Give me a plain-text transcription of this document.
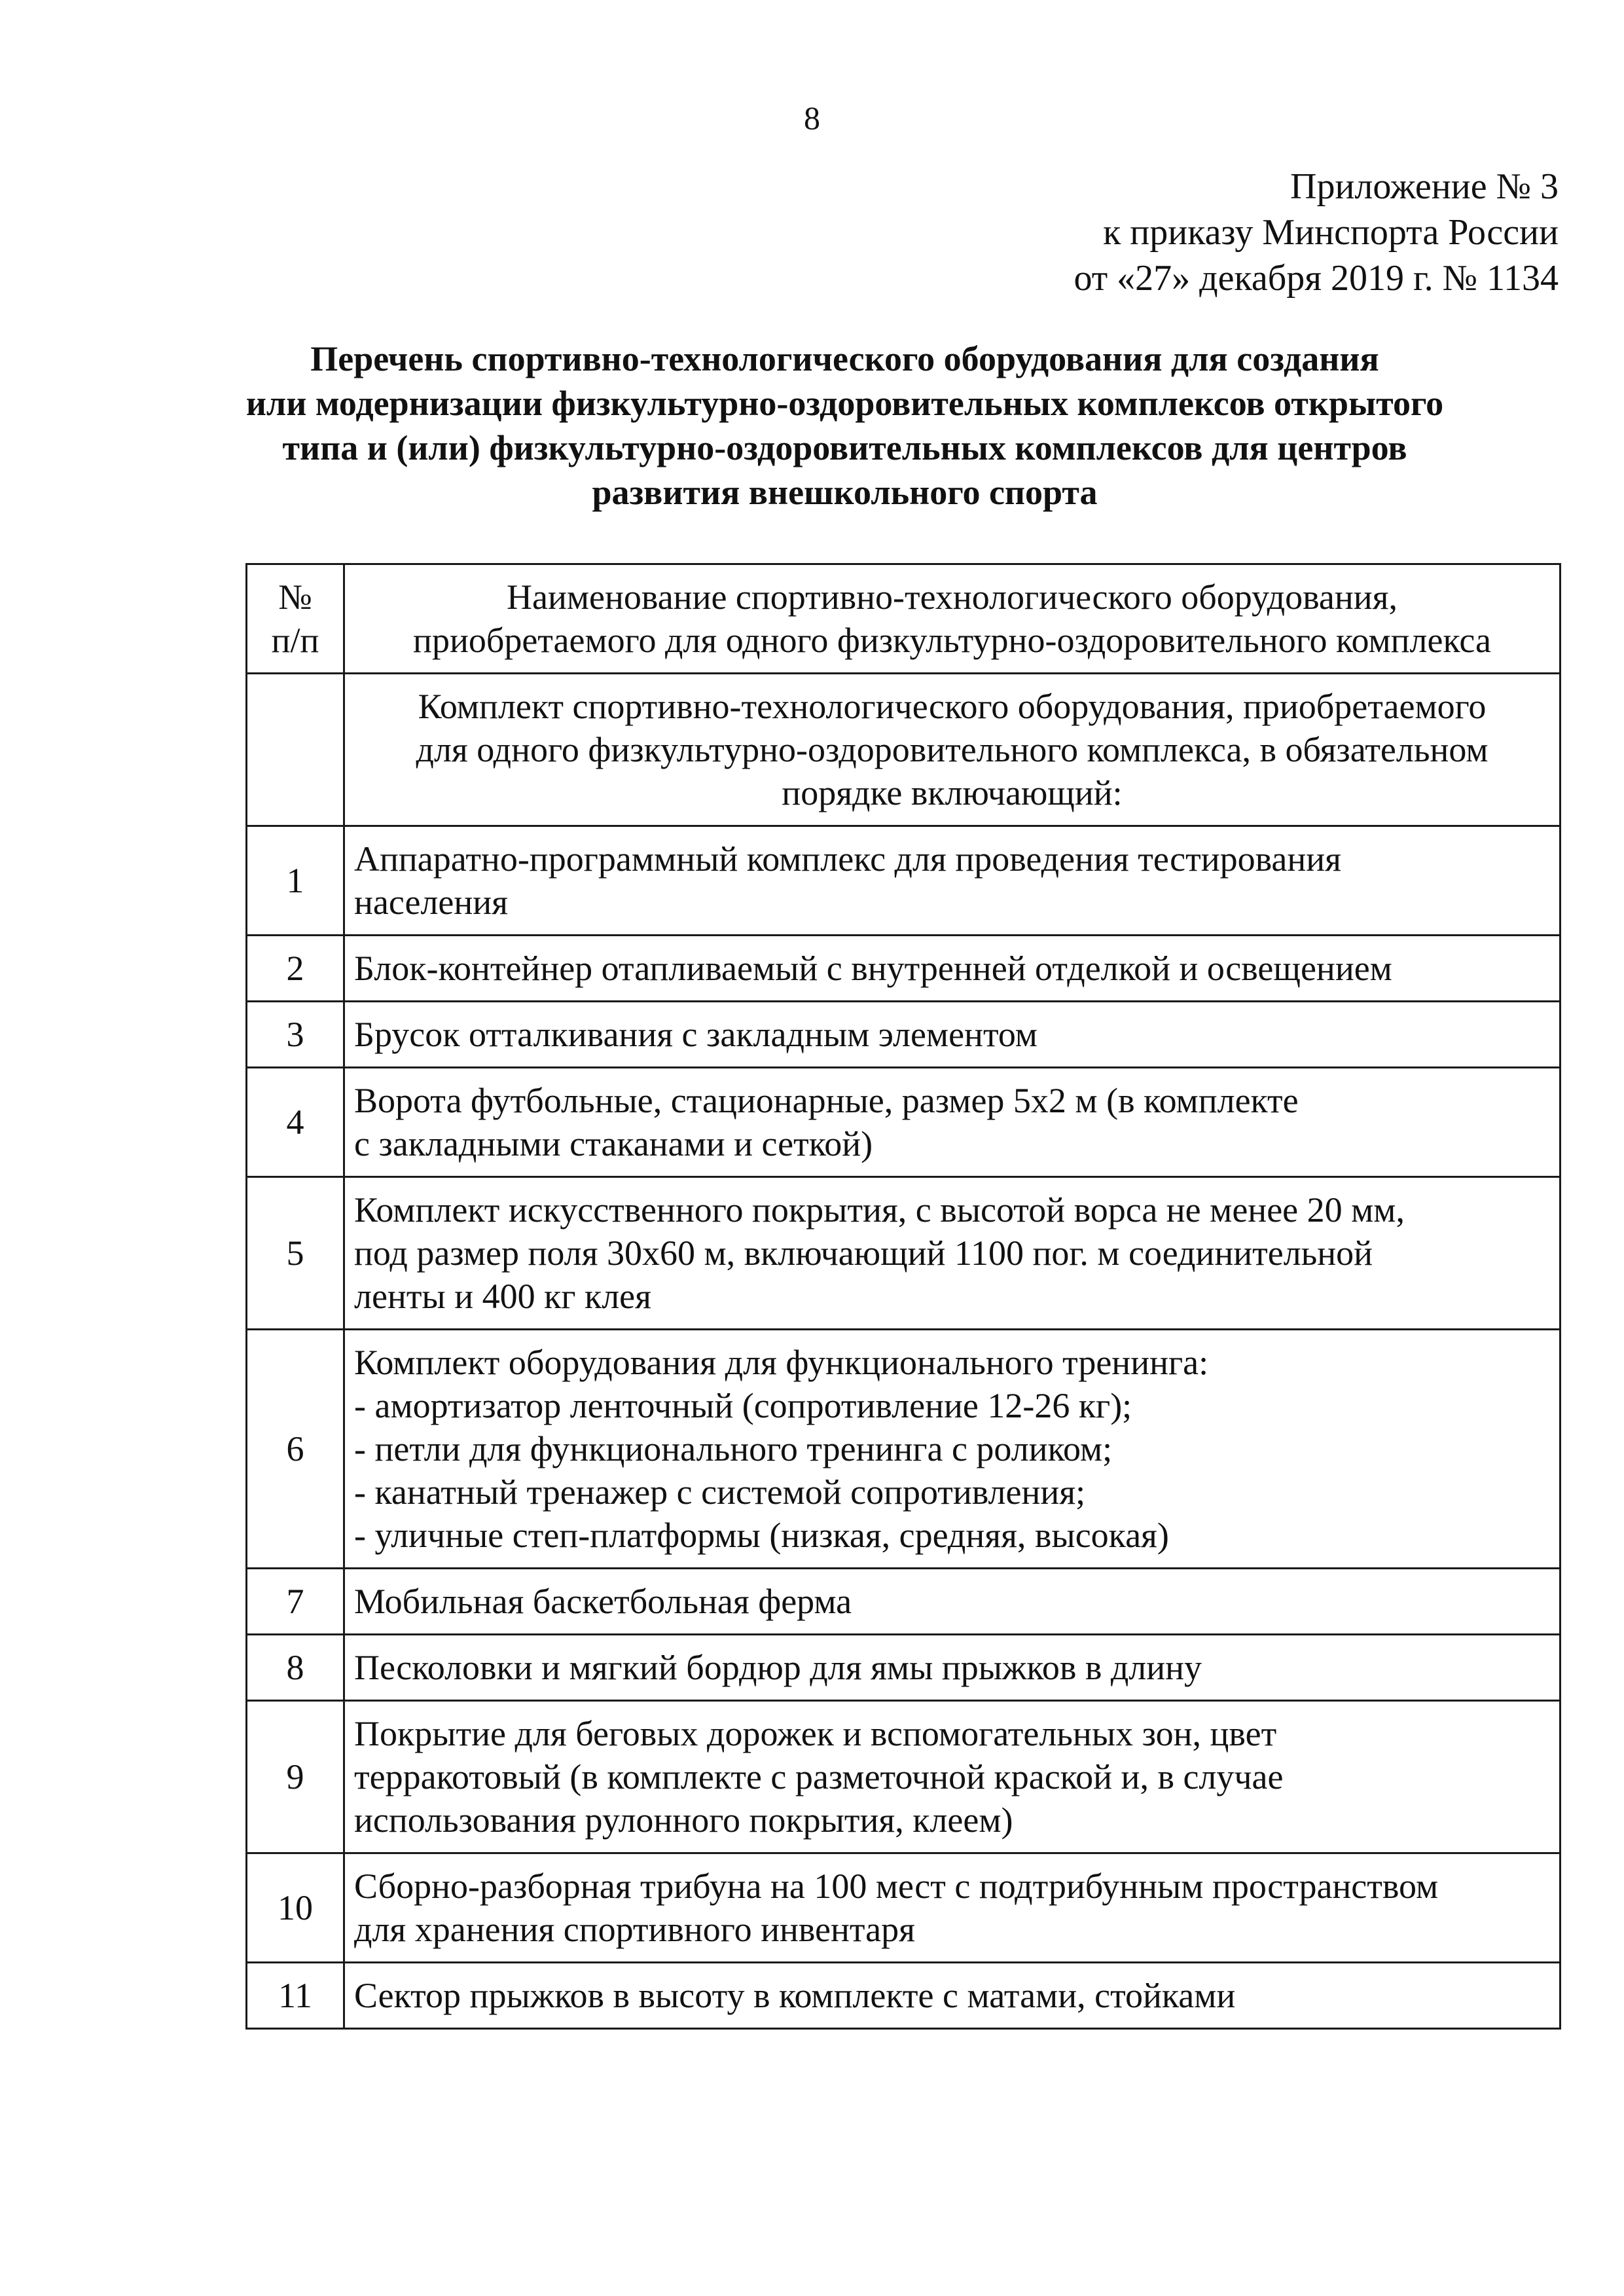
8
Приложение № 3
к приказу Минспорта России
от «27» декабря 2019 г. № 1134
Перечень спортивно-технологического оборудования для создания
или модернизации физкультурно-оздоровительных комплексов открытого
типа и (или) физкультурно-оздоровительных комплексов для центров
развития внешкольного спорта
№
п/п	Наименование спортивно-технологического оборудования,
приобретаемого для одного физкультурно-оздоровительного комплекса

	Комплект спортивно-технологического оборудования, приобретаемого
для одного физкультурно-оздоровительного комплекса, в обязательном
порядке включающий:

1	Аппаратно-программный комплекс для проведения тестирования
населения

2	Блок-контейнер отапливаемый с внутренней отделкой и освещением

3	Брусок отталкивания с закладным элементом

4	Ворота футбольные, стационарные, размер 5х2 м (в комплекте
с закладными стаканами и сеткой)

5	Комплект искусственного покрытия, с высотой ворса не менее 20 мм,
под размер поля 30х60 м, включающий 1100 пог. м соединительной
ленты и 400 кг клея

6	Комплект оборудования для функционального тренинга:
- амортизатор ленточный (сопротивление 12-26 кг);
- петли для функционального тренинга с роликом;
- канатный тренажер с системой сопротивления;
- уличные степ-платформы (низкая, средняя, высокая)

7	Мобильная баскетбольная ферма

8	Песколовки и мягкий бордюр для ямы прыжков в длину

9	Покрытие для беговых дорожек и вспомогательных зон, цвет
терракотовый (в комплекте с разметочной краской и, в случае
использования рулонного покрытия, клеем)

10	Сборно-разборная трибуна на 100 мест с подтрибунным пространством
для хранения спортивного инвентаря

11	Сектор прыжков в высоту в комплекте с матами, стойками
